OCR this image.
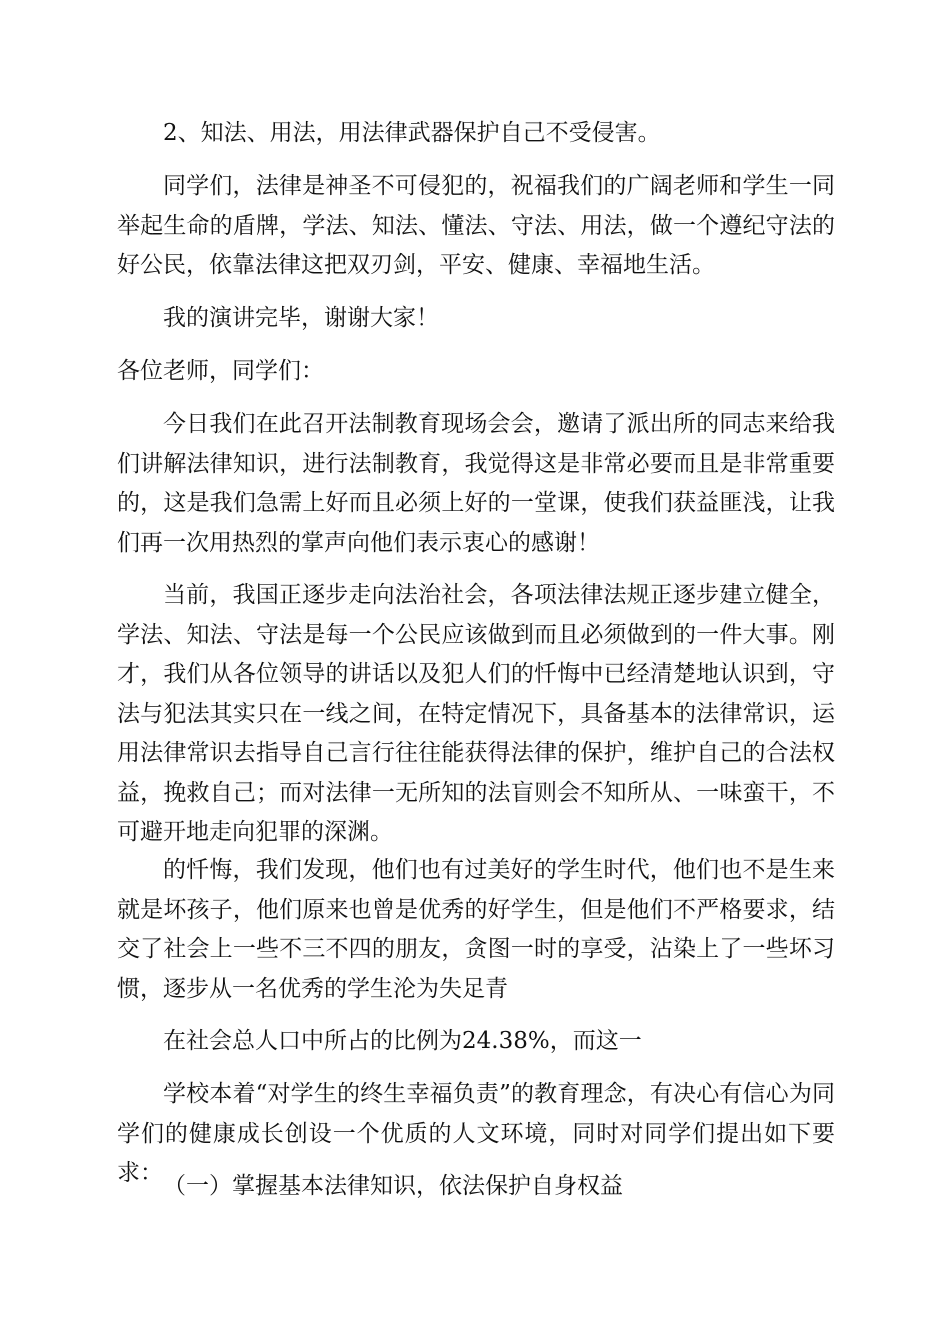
2、知法、用法，用法律武器保护自己不受侵害。

同学们，法律是神圣不可侵犯的，祝福我们的广阔老师和学生一同举起生命的盾牌，学法、知法、懂法、守法、用法，做一个遵纪守法的好公民，依靠法律这把双刃剑，平安、健康、幸福地生活。

我的演讲完毕，谢谢大家！

各位老师，同学们：

今日我们在此召开法制教育现场会会，邀请了派出所的同志来给我们讲解法律知识，进行法制教育，我觉得这是非常必要而且是非常重要的，这是我们急需上好而且必须上好的一堂课，使我们获益匪浅，让我们再一次用热烈的掌声向他们表示衷心的感谢！

当前，我国正逐步走向法治社会，各项法律法规正逐步建立健全，学法、知法、守法是每一个公民应该做到而且必须做到的一件大事。刚才，我们从各位领导的讲话以及犯人们的忏悔中已经清楚地认识到，守法与犯法其实只在一线之间，在特定情况下，具备基本的法律常识，运用法律常识去指导自己言行往往能获得法律的保护，维护自己的合法权益，挽救自己；而对法律一无所知的法盲则会不知所从、一味蛮干，不可避开地走向犯罪的深渊。

的忏悔，我们发现，他们也有过美好的学生时代，他们也不是生来就是坏孩子，他们原来也曾是优秀的好学生，但是他们不严格要求，结交了社会上一些不三不四的朋友，贪图一时的享受，沾染上了一些坏习惯，逐步从一名优秀的学生沦为失足青

在社会总人口中所占的比例为24.38%，而这一

学校本着“对学生的终生幸福负责”的教育理念，有决心有信心为同学们的健康成长创设一个优质的人文环境，同时对同学们提出如下要求： （一）掌握基本法律知识，依法保护自身权益
